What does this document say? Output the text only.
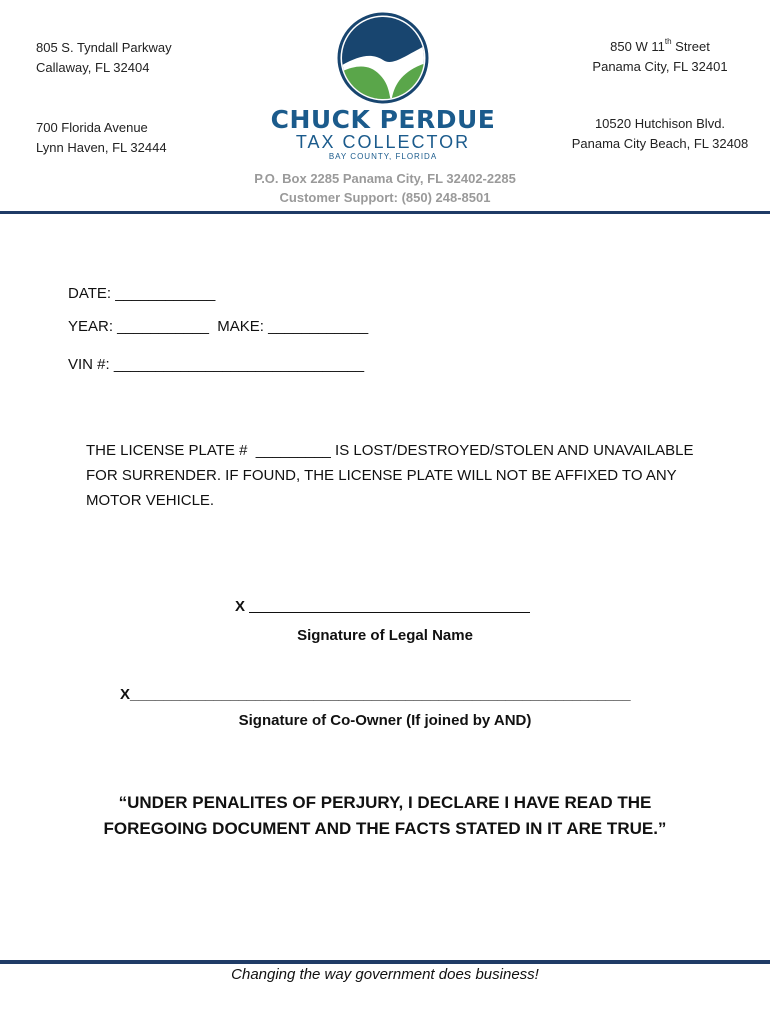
805 S. Tyndall Parkway
Callaway, FL 32404
700 Florida Avenue
Lynn Haven, FL 32444
850 W 11th Street
Panama City, FL 32401
10520 Hutchison Blvd.
Panama City Beach, FL 32408
CHUCK PERDUE
TAX COLLECTOR
BAY COUNTY, FLORIDA
P.O. Box 2285 Panama City, FL 32402-2285
Customer Support: (850) 248-8501
DATE: ____________
YEAR: ___________  MAKE: ____________
VIN #: ______________________________
THE LICENSE PLATE #  _________ IS LOST/DESTROYED/STOLEN AND UNAVAILABLE
FOR SURRENDER. IF FOUND, THE LICENSE PLATE WILL NOT BE AFFIXED TO ANY
MOTOR VEHICLE.
X
Signature of Legal Name
X____________________________________________________________
Signature of Co-Owner (If joined by AND)
“UNDER PENALITES OF PERJURY, I DECLARE I HAVE READ THE
FOREGOING DOCUMENT AND THE FACTS STATED IN IT ARE TRUE.”
Changing the way government does business!
